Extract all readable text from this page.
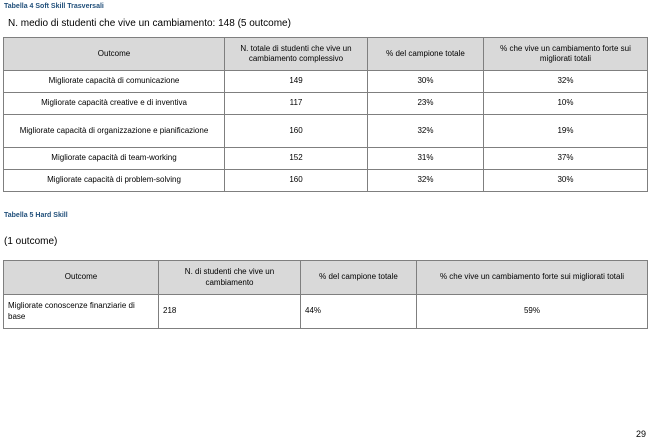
Tabella 4 Soft Skill Trasversali
N. medio di studenti che vive un cambiamento: 148 (5 outcome)
Outcome	N. totale di studenti che vive un cambiamento complessivo	% del campione totale	% che vive un cambiamento forte sui migliorati totali
Migliorate capacità di comunicazione	149	30%	32%
Migliorate capacità creative e di inventiva	117	23%	10%
Migliorate capacità di organizzazione e pianificazione	160	32%	19%
Migliorate capacità di team-working	152	31%	37%
Migliorate capacità di problem-solving	160	32%	30%
Tabella 5 Hard Skill
(1 outcome)
Outcome	N. di studenti che vive un cambiamento	% del campione totale	% che vive un cambiamento forte sui migliorati totali
Migliorate conoscenze finanziarie di base	218	44%	59%
29
